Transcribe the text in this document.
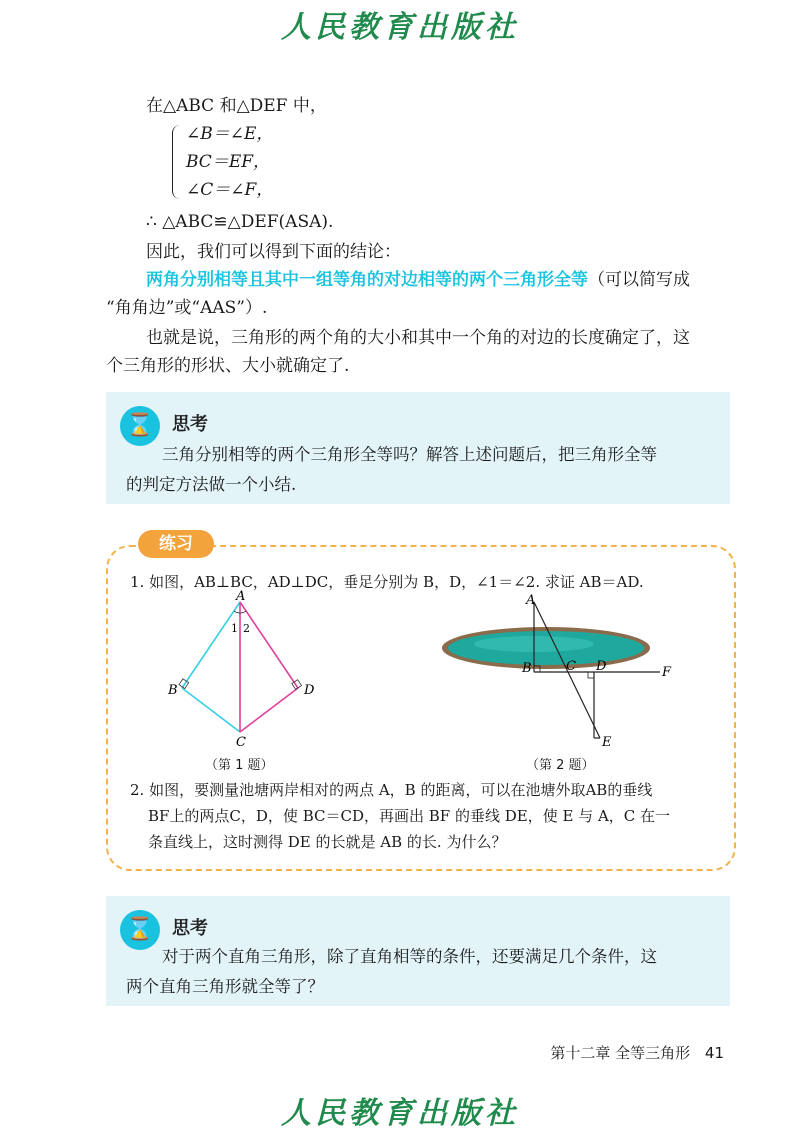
人民教育出版社
在△ABC 和△DEF 中，
∠B＝∠E，
BC＝EF，
∠C＝∠F，
∴ △ABC≌△DEF(ASA).
因此，我们可以得到下面的结论：
两角分别相等且其中一组等角的对边相等的两个三角形全等（可以简写成
“角角边”或“AAS”）.
也就是说，三角形的两个角的大小和其中一个角的对边的长度确定了，这
个三角形的形状、大小就确定了.
⌛	思考
三角分别相等的两个三角形全等吗？解答上述问题后，把三角形全等
的判定方法做一个小结.
练习
1. 如图，AB⊥BC，AD⊥DC，垂足分别为 B，D，∠1＝∠2. 求证 AB＝AD.
A
B
C
D
1 2
（第 1 题）
A
B	C D
E
F
（第 2 题）
2. 如图，要测量池塘两岸相对的两点 A，B 的距离，可以在池塘外取AB的垂线
BF上的两点C，D，使 BC＝CD，再画出 BF 的垂线 DE，使 E 与 A，C 在一
条直线上，这时测得 DE 的长就是 AB 的长. 为什么？
⌛	思考
对于两个直角三角形，除了直角相等的条件，还要满足几个条件，这
两个直角三角形就全等了？
第十二章 全等三角形 41
人民教育出版社
